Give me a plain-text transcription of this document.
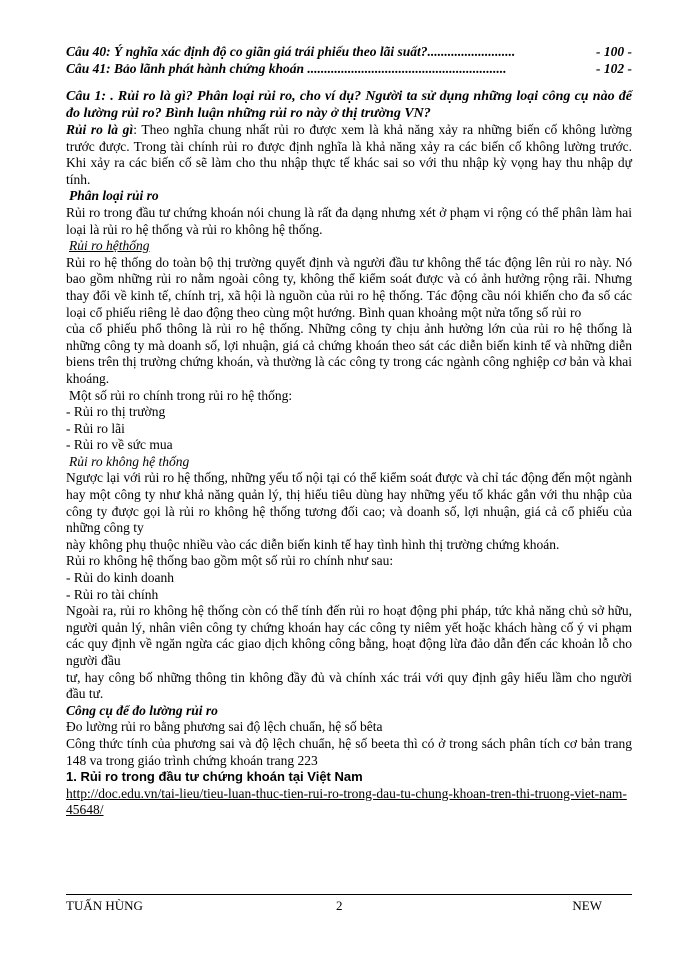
Câu 40: Ý nghĩa xác định độ co giãn giá trái phiếu theo lãi suất?..........................	- 100 -
Câu 41: Bảo lãnh phát hành chứng khoán ...........................................................	- 102 -

Câu 1: . Rủi ro là gì? Phân loại rủi ro, cho ví dụ? Người ta sử dụng những loại công cụ nào để đo lường rủi ro? Bình luận những rủi ro này ở thị trường VN?

Rủi ro là gì: Theo nghĩa chung nhất rủi ro được xem là khả năng xảy ra những biến cố không lường trước được. Trong tài chính rủi ro được định nghĩa là khả năng xảy ra các biến cố không lường trước. Khi xảy ra các biến cố sẽ làm cho thu nhập thực tế khác sai so với thu nhập kỳ vọng hay thu nhập dự tính.

Phân loại rủi ro

Rủi ro trong đầu tư chứng khoán nói chung là rất đa dạng nhưng xét ở phạm vi rộng có thể phân làm hai loại là rủi ro hệ thống và rủi ro không hệ thống.

Rủi ro hệthống

Rủi ro hệ thống do toàn bộ thị trường quyết định và người đầu tư không thể tác động lên rủi ro này. Nó bao gồm những rủi ro nằm ngoài công ty, không thể kiểm soát được và có ảnh hưởng rộng rãi. Nhưng thay đổi về kinh tế, chính trị, xã hội là nguồn của rủi ro hệ thống. Tác động cầu nói khiến cho đa số các loại cổ phiếu riêng lẻ dao động theo cùng một hướng. Bình quan khoảng một nửa tổng số rủi ro

của cổ phiếu phổ thông là rủi ro hệ thống. Những công ty chịu ảnh hưởng lớn của rủi ro hệ thống là những công ty mà doanh số, lợi nhuận, giá cả chứng khoán theo sát các diễn biến kinh tế và những diễn biens trên thị trường chứng khoán, và thường là các công ty trong các ngành công nghiệp cơ bản và khai khoáng.

Một số rủi ro chính trong rủi ro hệ thống:

- Rủi ro thị trường

- Rủi ro lãi

- Rủi ro về sức mua

Rủi ro không hệ thống

Ngược lại với rủi ro hệ thống, những yếu tố nội tại có thể kiểm soát được và chỉ tác động đến một ngành hay một công ty như khả năng quản lý, thị hiếu tiêu dùng hay những yếu tố khác gắn với thu nhập của công ty được gọi là rủi ro không hệ thống tương đối cao; và doanh số, lợi nhuận, giá cả cổ phiếu của những công ty

này không phụ thuộc nhiều vào các diễn biến kinh tế hay tình hình thị trường chứng khoán.

Rủi ro không hệ thống bao gồm một số rủi ro chính như sau:

- Rủi do kinh doanh

- Rủi ro tài chính

Ngoài ra, rủi ro không hệ thống còn có thể tính đến rủi ro hoạt động phi pháp, tức khả năng chủ sở hữu, người quản lý, nhân viên công ty chứng khoán hay các công ty niêm yết hoặc khách hàng cố ý vi phạm các quy định về ngăn ngừa các giao dịch không công bằng, hoạt động lừa đảo dẫn đến các khoản lỗ cho người đầu

tư, hay công bố những thông tin không đầy đủ và chính xác trái với quy định gây hiểu lầm cho người đầu tư.

Công cụ để đo lường rủi ro

Đo lường rủi ro bằng phương sai độ lệch chuẩn, hệ số bêta

Công thức tính của phương sai và độ lệch chuẩn, hệ số beeta thì có ở trong sách phân tích cơ bản trang 148 va trong giáo trình chứng khoán trang 223

1. Rủi ro trong đầu tư chứng khoán tại Việt Nam

http://doc.edu.vn/tai-lieu/tieu-luan-thuc-tien-rui-ro-trong-dau-tu-chung-khoan-tren-thi-truong-viet-nam-45648/

TUẤN HÙNG	2	NEW
